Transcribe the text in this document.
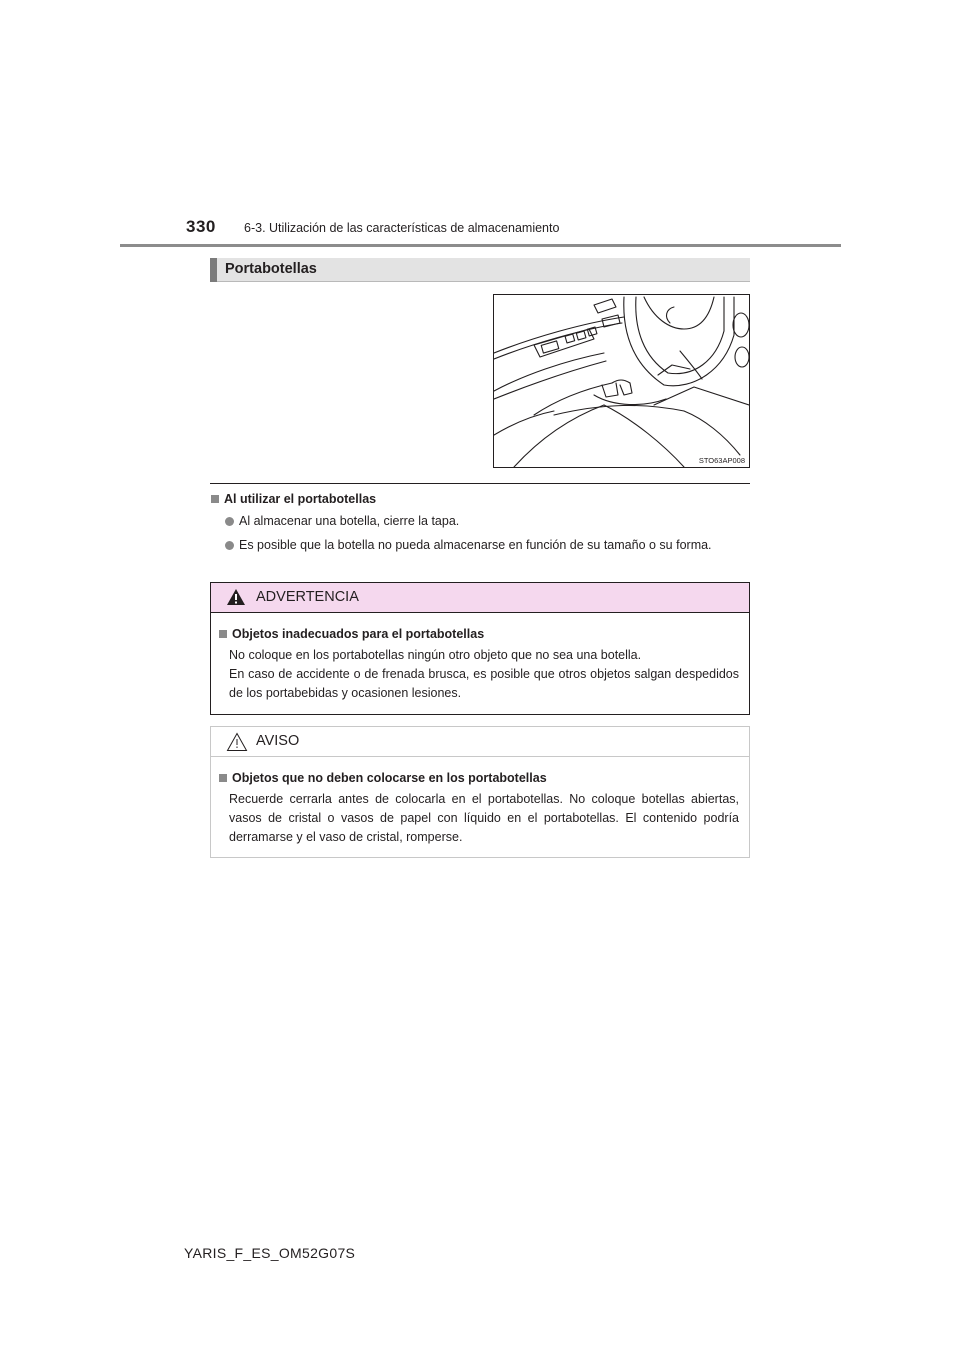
330 6-3. Utilización de las características de almacenamiento
Portabotellas
STO63AP008
Al utilizar el portabotellas
Al almacenar una botella, cierre la tapa.
Es posible que la botella no pueda almacenarse en función de su tamaño o su forma.
ADVERTENCIA
Objetos inadecuados para el portabotellas

No coloque en los portabotellas ningún otro objeto que no sea una botella.

En caso de accidente o de frenada brusca, es posible que otros objetos salgan despedidos de los portabebidas y ocasionen lesiones.

AVISO
Objetos que no deben colocarse en los portabotellas

Recuerde cerrarla antes de colocarla en el portabotellas. No coloque botellas abiertas, vasos de cristal o vasos de papel con líquido en el portabotellas. El contenido podría derramarse y el vaso de cristal, romperse.

YARIS_F_ES_OM52G07S
